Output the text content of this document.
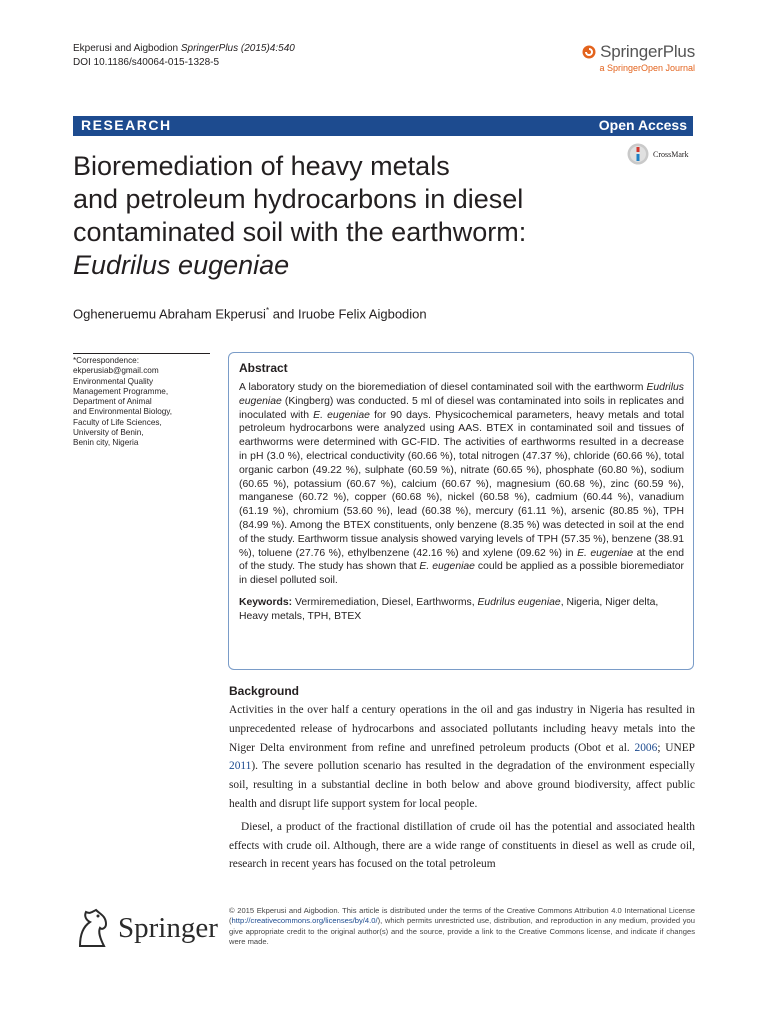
Ekperusi and Aigbodion SpringerPlus (2015)4:540
DOI 10.1186/s40064-015-1328-5
SpringerPlus
a SpringerOpen Journal
RESEARCH	Open Access
CrossMark
Bioremediation of heavy metals
and petroleum hydrocarbons in diesel
contaminated soil with the earthworm:
Eudrilus eugeniae
Ogheneruemu Abraham Ekperusi* and Iruobe Felix Aigbodion
*Correspondence:
ekperusiab@gmail.com
Environmental Quality
Management Programme,
Department of Animal
and Environmental Biology,
Faculty of Life Sciences,
University of Benin,
Benin city, Nigeria
Abstract
A laboratory study on the bioremediation of diesel contaminated soil with the earthworm Eudrilus eugeniae (Kingberg) was conducted. 5 ml of diesel was contaminated into soils in replicates and inoculated with E. eugeniae for 90 days. Physicochemical parameters, heavy metals and total petroleum hydrocarbons were analyzed using AAS. BTEX in contaminated soil and tissues of earthworms were determined with GC-FID. The activities of earthworms resulted in a decrease in pH (3.0 %), electrical conductivity (60.66 %), total nitrogen (47.37 %), chloride (60.66 %), total organic carbon (49.22 %), sulphate (60.59 %), nitrate (60.65 %), phosphate (60.80 %), sodium (60.65 %), potassium (60.67 %), calcium (60.67 %), magnesium (60.68 %), zinc (60.59 %), manganese (60.72 %), copper (60.68 %), nickel (60.58 %), cadmium (60.44 %), vanadium (61.19 %), chromium (53.60 %), lead (60.38 %), mercury (61.11 %), arsenic (80.85 %), TPH (84.99 %). Among the BTEX constituents, only benzene (8.35 %) was detected in soil at the end of the study. Earthworm tissue analysis showed varying levels of TPH (57.35 %), benzene (38.91 %), toluene (27.76 %), ethylbenzene (42.16 %) and xylene (09.62 %) in E. eugeniae at the end of the study. The study has shown that E. eugeniae could be applied as a possible bioremediator in diesel polluted soil.
Keywords: Vermiremediation, Diesel, Earthworms, Eudrilus eugeniae, Nigeria, Niger delta, Heavy metals, TPH, BTEX
Background

Activities in the over half a century operations in the oil and gas industry in Nigeria has resulted in unprecedented release of hydrocarbons and associated pollutants including heavy metals into the Niger Delta environment from refine and unrefined petroleum products (Obot et al. 2006; UNEP 2011). The severe pollution scenario has resulted in the degradation of the environment especially soil, resulting in a substantial decline in both below and above ground biodiversity, affect public health and disrupt life support system for local people.

Diesel, a product of the fractional distillation of crude oil has the potential and associated health effects with crude oil. Although, there are a wide range of constituents in diesel as well as crude oil, research in recent years has focused on the total petroleum

Springer
© 2015 Ekperusi and Aigbodion. This article is distributed under the terms of the Creative Commons Attribution 4.0 International License (http://creativecommons.org/licenses/by/4.0/), which permits unrestricted use, distribution, and reproduction in any medium, provided you give appropriate credit to the original author(s) and the source, provide a link to the Creative Commons license, and indicate if changes were made.
